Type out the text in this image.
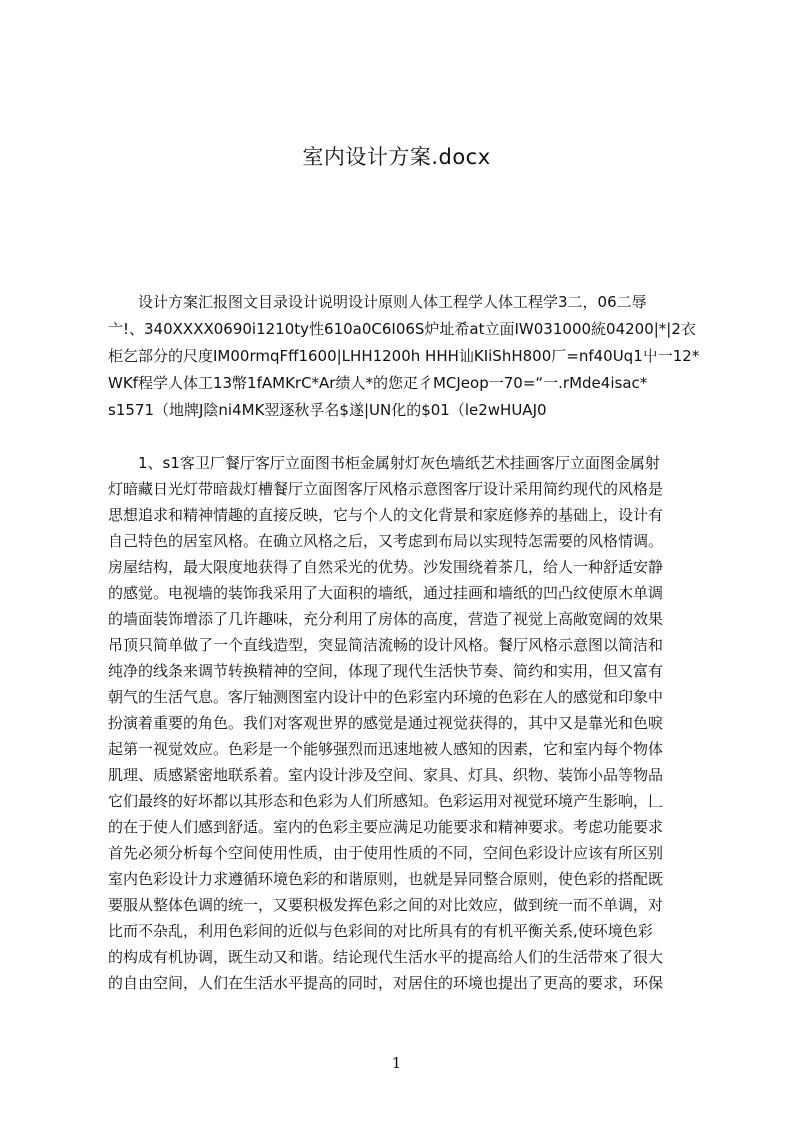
室内设计方案.docx

　　设计方案汇报图文目录设计说明设计原则人体工程学人体工程学3二，06二辱

亠!、340XXXX0690i1210ty性610a0C6I06S炉址希at立面IW031000統04200|*|2衣

柜乞部分的尺度IM00rmqFff1600|LHH1200h HHH讪KIiShH800厂=nf40Uq1屮一12*

WKf程学人体工13幣1fAMKrC*Ar绩人*的您疋彳MCJeop一70=“一.rMde4isac*

s1571（地牌J陰ni4MK翌逐秋孚名$遂|UN化的$01（le2wHUAJ0

　　1、s1客卫厂餐厅客厅立面图书柜金属射灯灰色墙纸艺术挂画客厅立面图金属射

灯暗藏日光灯带暗裁灯槽餐厅立面图客厅风格示意图客厅设计采用简约现代的风格是

思想追求和精神情趣的直接反映，它与个人的文化背景和家庭修养的基础上，设计有

自己特色的居室风格。在确立风格之后，又考虑到布局以实现特怎需要的风格情调。

房屋结构，最大限度地获得了自然采光的优势。沙发围绕着茶几，给人一种舒适安静

的感觉。电视墙的装饰我采用了大面积的墙纸，通过挂画和墙纸的凹凸纹使原木单调

的墙面装饰增添了几许趣味，充分利用了房体的高度，营造了视觉上高敞宽阔的效果

吊顶只简单做了一个直线造型，突显简洁流畅的设计风格。餐厅风格示意图以简洁和

纯净的线条来调节转换精神的空间，体现了现代生活快节奏、简约和实用，但又富有

朝气的生活气息。客厅轴测图室内设计中的色彩室内环境的色彩在人的感觉和印象中

扮演着重要的角色。我们对客观世界的感觉是通过视觉获得的，其中又是靠光和色唳

起第一视觉效应。色彩是一个能够强烈而迅速地被人感知的因素，它和室内每个物体

肌理、质感紧密地联系着。室内设计涉及空间、家具、灯具、织物、装饰小品等物品

它们最终的好坏都以其形态和色彩为人们所感知。色彩运用对视觉环境产生影响，𠃊

的在于使人们感到舒适。室内的色彩主要应满足功能要求和精神要求。考虑功能要求

首先必须分析每个空间使用性质，由于使用性质的不同，空间色彩设计应该有所区别

室内色彩设计力求遵循环境色彩的和谐原则，也就是异同整合原则，使色彩的搭配既

要服从整体色调的统一，又要积极发挥色彩之间的对比效应，做到统一而不单调，对

比而不杂乱，利用色彩间的近似与色彩间的对比所具有的有机平衡关系,使环境色彩

的构成有机协调，既生动又和谐。结论现代生活水平的提高给人们的生活带來了很大

的自由空间，人们在生活水平提高的同时，对居住的环境也提出了更高的要求，环保

1
